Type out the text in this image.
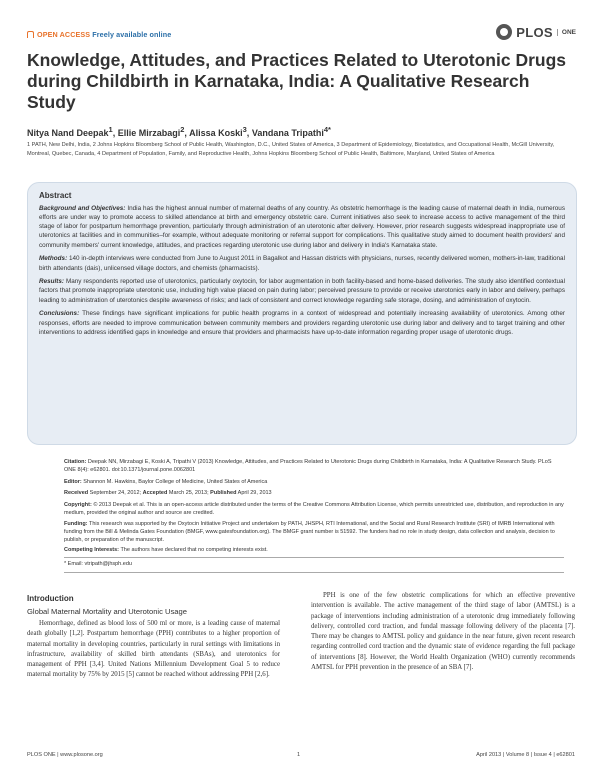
OPEN ACCESS Freely available online	PLOS	ONE
Knowledge, Attitudes, and Practices Related to Uterotonic Drugs during Childbirth in Karnataka, India: A Qualitative Research Study
Nitya Nand Deepak$^1$, Ellie Mirzabagi$^2$, Alissa Koski$^3$, Vandana Tripathi$^{4*}$
1 PATH, New Delhi, India, 2 Johns Hopkins Bloomberg School of Public Health, Washington, D.C., United States of America, 3 Department of Epidemiology, Biostatistics, and Occupational Health, McGill University, Montreal, Quebec, Canada, 4 Department of Population, Family, and Reproductive Health, Johns Hopkins Bloomberg School of Public Health, Baltimore, Maryland, United States of America
Abstract

Background and Objectives: India has the highest annual number of maternal deaths of any country. As obstetric hemorrhage is the leading cause of maternal death in India, numerous efforts are under way to promote access to skilled attendance at birth and emergency obstetric care. Current initiatives also seek to increase access to active management of the third stage of labor for postpartum hemorrhage prevention, particularly through administration of an uterotonic after delivery. However, prior research suggests widespread inappropriate use of uterotonics at facilities and in communities–for example, without adequate monitoring or referral support for complications. This qualitative study aimed to document health providers' and community members' current knowledge, attitudes, and practices regarding uterotonic use during labor and delivery in India's Karnataka state.

Methods: 140 in-depth interviews were conducted from June to August 2011 in Bagalkot and Hassan districts with physicians, nurses, recently delivered women, mothers-in-law, traditional birth attendants (dais), unlicensed village doctors, and chemists (pharmacists).

Results: Many respondents reported use of uterotonics, particularly oxytocin, for labor augmentation in both facility-based and home-based deliveries. The study also identified contextual factors that promote inappropriate uterotonic use, including high value placed on pain during labor; perceived pressure to provide or receive uterotonics early in labor and delivery, perhaps leading to administration of uterotonics despite awareness of risks; and lack of consistent and correct knowledge regarding safe storage, dosing, and administration of oxytocin.

Conclusions: These findings have significant implications for public health programs in a context of widespread and potentially increasing availability of uterotonics. Among other responses, efforts are needed to improve communication between community members and providers regarding uterotonic use during labor and delivery and to target training and other interventions to address identified gaps in knowledge and ensure that providers and pharmacists have up-to-date information regarding proper usage of uterotonic drugs.

Citation: Deepak NN, Mirzabagi E, Koski A, Tripathi V (2013) Knowledge, Attitudes, and Practices Related to Uterotonic Drugs during Childbirth in Karnataka, India: A Qualitative Research Study. PLoS ONE 8(4): e62801. doi:10.1371/journal.pone.0062801
Editor: Shannon M. Hawkins, Baylor College of Medicine, United States of America
Received September 24, 2012; Accepted March 25, 2013; Published April 29, 2013
Copyright: © 2013 Deepak et al. This is an open-access article distributed under the terms of the Creative Commons Attribution License, which permits unrestricted use, distribution, and reproduction in any medium, provided the original author and source are credited.
Funding: This research was supported by the Oxytocin Initiative Project and undertaken by PATH, JHSPH, RTI International, and the Social and Rural Research Institute (SRI) of IMRB International with funding from the Bill & Melinda Gates Foundation (BMGF, www.gatesfoundation.org). The BMGF grant number is 51592. The funders had no role in study design, data collection and analysis, decision to publish, or preparation of the manuscript.
Competing Interests: The authors have declared that no competing interests exist.
* Email: vtripath@jhsph.edu
Introduction
Global Maternal Mortality and Uterotonic Usage

Hemorrhage, defined as blood loss of 500 ml or more, is a leading cause of maternal death globally [1,2]. Postpartum hemorrhage (PPH) contributes to a higher proportion of maternal mortality in developing countries, particularly in rural settings with limitations in infrastructure, availability of skilled birth attendants (SBAs), and uterotonics for management of PPH [3,4]. United Nations Millennium Development Goal 5 to reduce maternal mortality by 75% by 2015 [5] cannot be reached without addressing PPH [2,6].

PPH is one of the few obstetric complications for which an effective preventive intervention is available. The active management of the third stage of labor (AMTSL) is a package of interventions including administration of a uterotonic drug immediately following delivery, controlled cord traction, and fundal massage following delivery of the placenta [7]. There may be changes to AMTSL policy and guidance in the near future, given recent research regarding controlled cord traction and the dynamic state of evidence regarding the full package of interventions [8]. However, the World Health Organization (WHO) currently recommends AMTSL for PPH prevention in the presence of an SBA [7].

PLOS ONE | www.plosone.org	1	April 2013 | Volume 8 | Issue 4 | e62801
